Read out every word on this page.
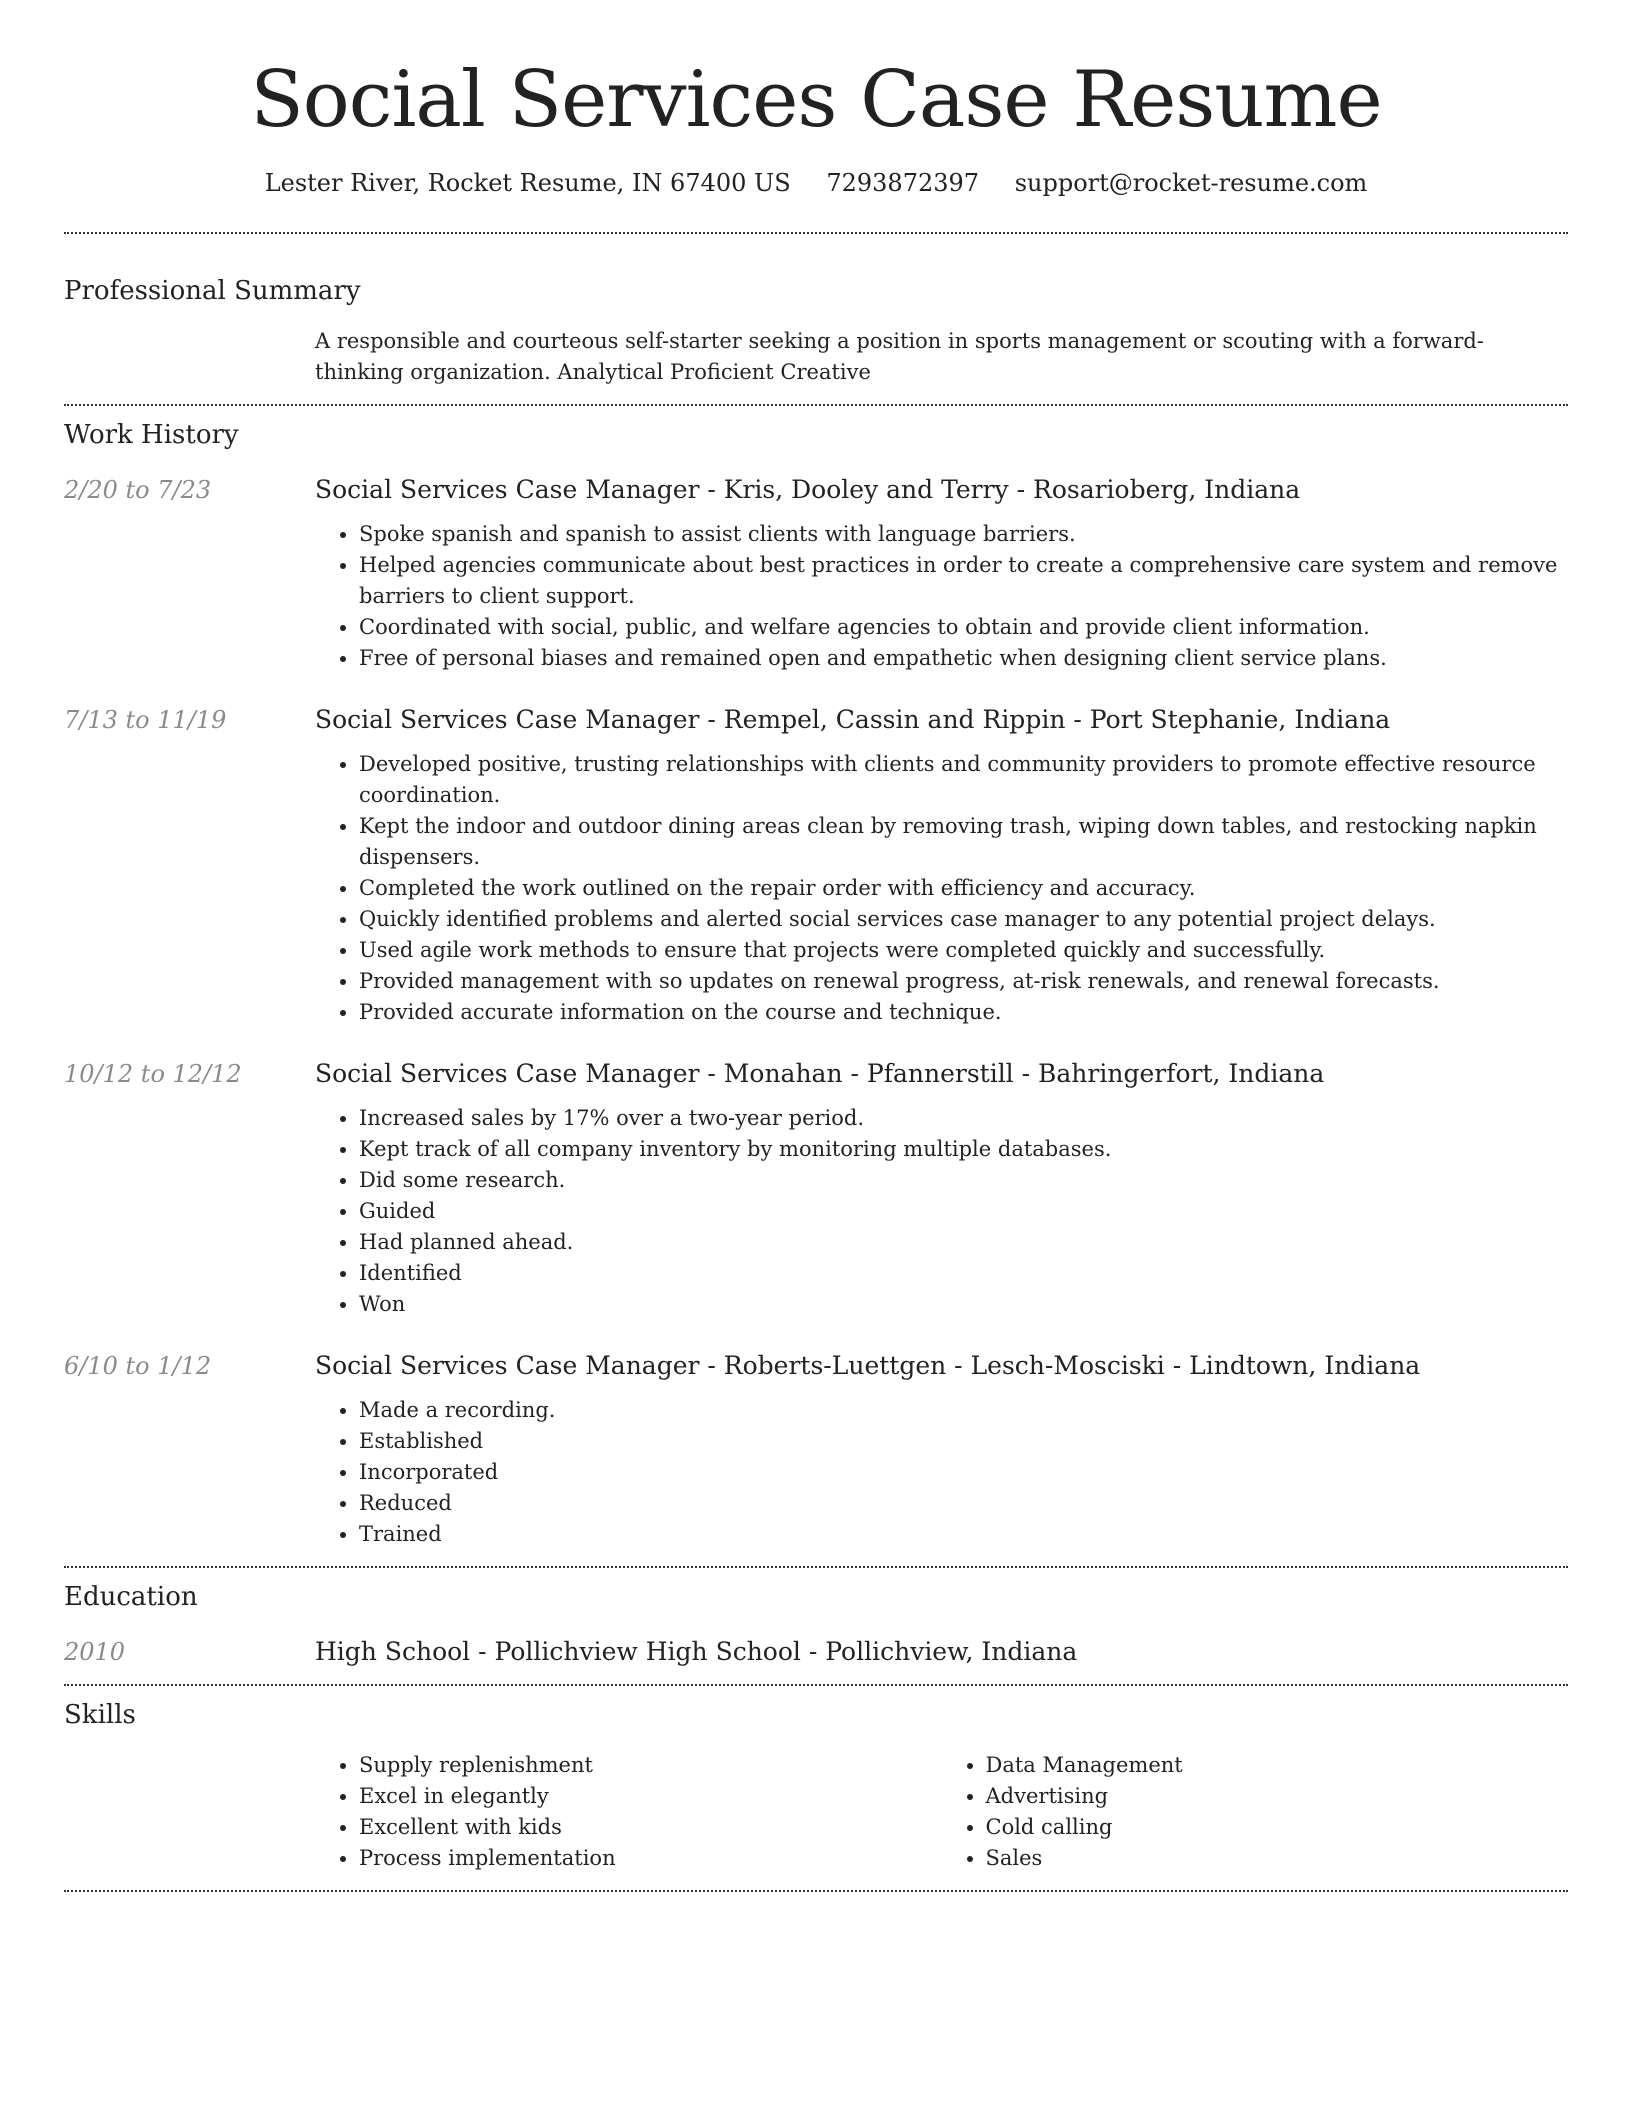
Social Services Case Resume
Lester River, Rocket Resume, IN 67400 US 7293872397 support@rocket-resume.com
Professional Summary
A responsible and courteous self-starter seeking a position in sports management or scouting with a forward-thinking organization. Analytical Proficient Creative
Work History
2/20 to 7/23	Social Services Case Manager - Kris, Dooley and Terry - Rosarioberg, Indiana
• Spoke spanish and spanish to assist clients with language barriers.
• Helped agencies communicate about best practices in order to create a comprehensive care system and remove barriers to client support.
• Coordinated with social, public, and welfare agencies to obtain and provide client information.
• Free of personal biases and remained open and empathetic when designing client service plans.
7/13 to 11/19	Social Services Case Manager - Rempel, Cassin and Rippin - Port Stephanie, Indiana
• Developed positive, trusting relationships with clients and community providers to promote effective resource coordination.
• Kept the indoor and outdoor dining areas clean by removing trash, wiping down tables, and restocking napkin dispensers.
• Completed the work outlined on the repair order with efficiency and accuracy.
• Quickly identified problems and alerted social services case manager to any potential project delays.
• Used agile work methods to ensure that projects were completed quickly and successfully.
• Provided management with so updates on renewal progress, at-risk renewals, and renewal forecasts.
• Provided accurate information on the course and technique.
10/12 to 12/12	Social Services Case Manager - Monahan - Pfannerstill - Bahringerfort, Indiana
• Increased sales by 17% over a two-year period.
• Kept track of all company inventory by monitoring multiple databases.
• Did some research.
• Guided
• Had planned ahead.
• Identified
• Won
6/10 to 1/12	Social Services Case Manager - Roberts-Luettgen - Lesch-Mosciski - Lindtown, Indiana
• Made a recording.
• Established
• Incorporated
• Reduced
• Trained
Education
2010	High School - Pollichview High School - Pollichview, Indiana
Skills
• Supply replenishment
• Excel in elegantly
• Excellent with kids
• Process implementation
• Data Management
• Advertising
• Cold calling
• Sales
